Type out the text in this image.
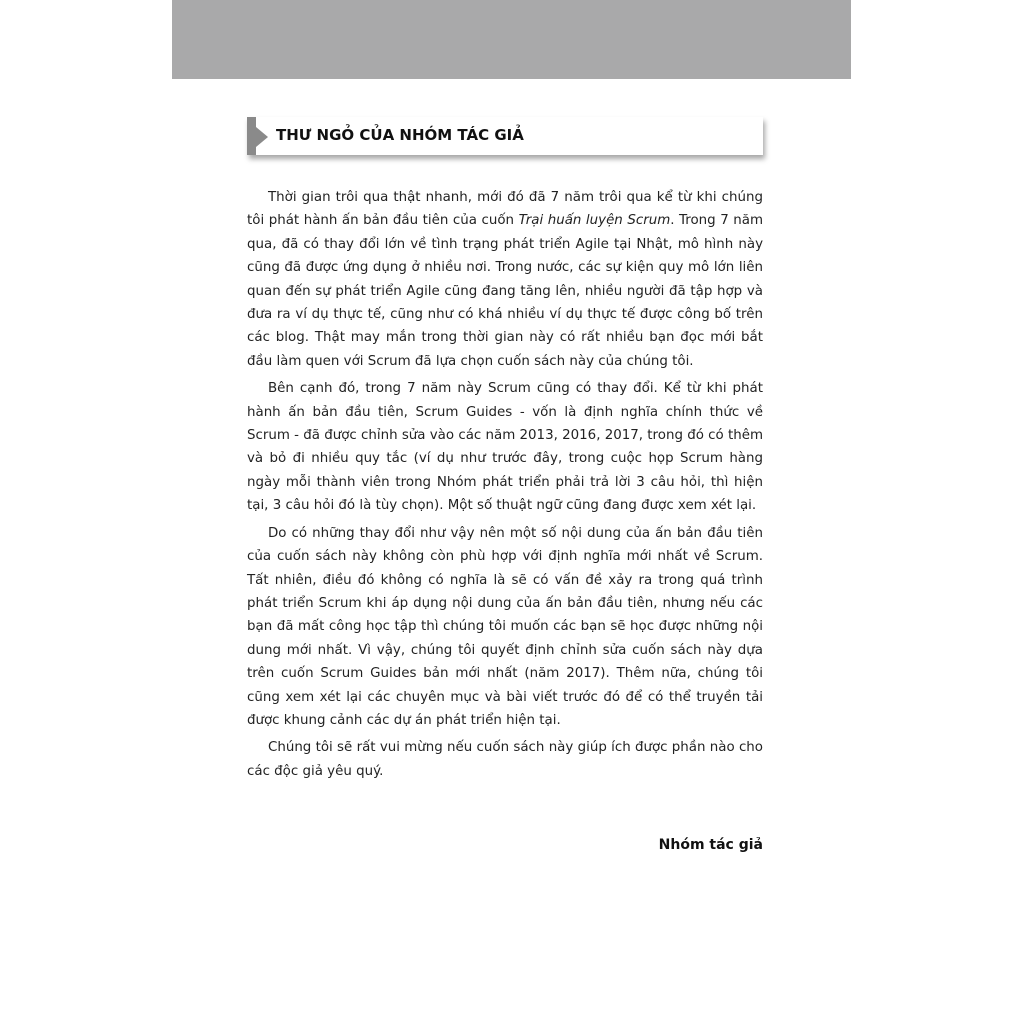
THƯ NGỎ CỦA NHÓM TÁC GIẢ

Thời gian trôi qua thật nhanh, mới đó đã 7 năm trôi qua kể từ khi chúng tôi phát hành ấn bản đầu tiên của cuốn Trại huấn luyện Scrum. Trong 7 năm qua, đã có thay đổi lớn về tình trạng phát triển Agile tại Nhật, mô hình này cũng đã được ứng dụng ở nhiều nơi. Trong nước, các sự kiện quy mô lớn liên quan đến sự phát triển Agile cũng đang tăng lên, nhiều người đã tập hợp và đưa ra ví dụ thực tế, cũng như có khá nhiều ví dụ thực tế được công bố trên các blog. Thật may mắn trong thời gian này có rất nhiều bạn đọc mới bắt đầu làm quen với Scrum đã lựa chọn cuốn sách này của chúng tôi.

Bên cạnh đó, trong 7 năm này Scrum cũng có thay đổi. Kể từ khi phát hành ấn bản đầu tiên, Scrum Guides - vốn là định nghĩa chính thức về Scrum - đã được chỉnh sửa vào các năm 2013, 2016, 2017, trong đó có thêm và bỏ đi nhiều quy tắc (ví dụ như trước đây, trong cuộc họp Scrum hàng ngày mỗi thành viên trong Nhóm phát triển phải trả lời 3 câu hỏi, thì hiện tại, 3 câu hỏi đó là tùy chọn). Một số thuật ngữ cũng đang được xem xét lại.

Do có những thay đổi như vậy nên một số nội dung của ấn bản đầu tiên của cuốn sách này không còn phù hợp với định nghĩa mới nhất về Scrum. Tất nhiên, điều đó không có nghĩa là sẽ có vấn đề xảy ra trong quá trình phát triển Scrum khi áp dụng nội dung của ấn bản đầu tiên, nhưng nếu các bạn đã mất công học tập thì chúng tôi muốn các bạn sẽ học được những nội dung mới nhất. Vì vậy, chúng tôi quyết định chỉnh sửa cuốn sách này dựa trên cuốn Scrum Guides bản mới nhất (năm 2017). Thêm nữa, chúng tôi cũng xem xét lại các chuyên mục và bài viết trước đó để có thể truyền tải được khung cảnh các dự án phát triển hiện tại.

Chúng tôi sẽ rất vui mừng nếu cuốn sách này giúp ích được phần nào cho các độc giả yêu quý.

Nhóm tác giả
